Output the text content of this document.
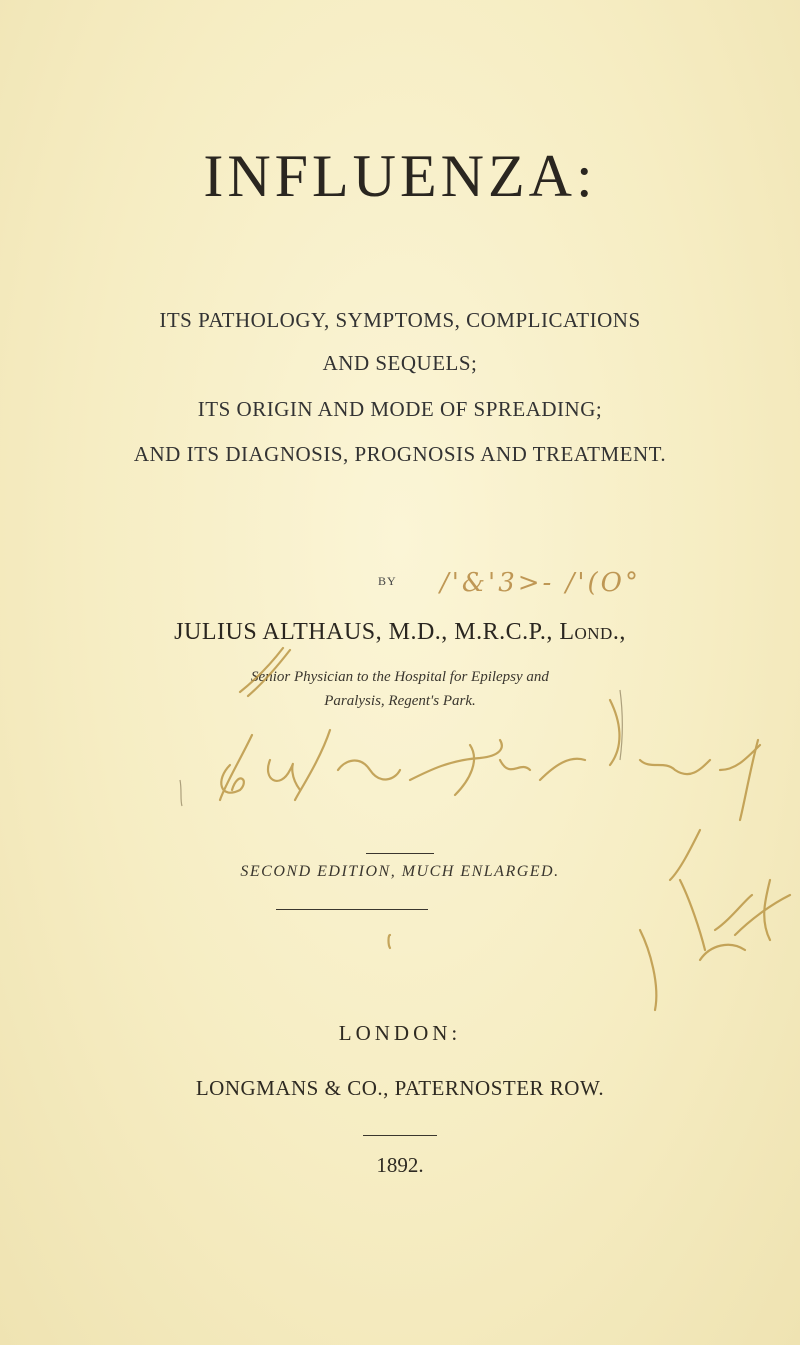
INFLUENZA:
ITS PATHOLOGY, SYMPTOMS, COMPLICATIONS
AND SEQUELS;
ITS ORIGIN AND MODE OF SPREADING;
AND ITS DIAGNOSIS, PROGNOSIS AND TREATMENT.
BY /'&'3>- /'(O°
JULIUS ALTHAUS, M.D., M.R.C.P., Lond.,
Senior Physician to the Hospital for Epilepsy and
Paralysis, Regent's Park.
SECOND EDITION, MUCH ENLARGED.
LONDON:
LONGMANS & CO., PATERNOSTER ROW.
1892.
